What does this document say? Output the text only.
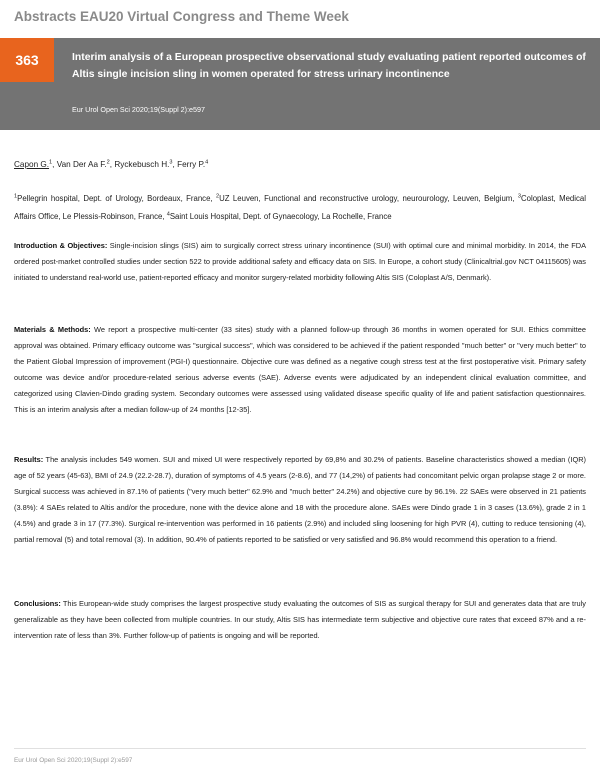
Abstracts EAU20 Virtual Congress and Theme Week
363	Interim analysis of a European prospective observational study evaluating patient reported outcomes of Altis single incision sling in women operated for stress urinary incontinence
Eur Urol Open Sci 2020;19(Suppl 2):e597
Capon G.$^1$, Van Der Aa F.$^2$, Ryckebusch H.$^3$, Ferry P.$^4$
$^1$Pellegrin hospital, Dept. of Urology, Bordeaux, France, $^2$UZ Leuven, Functional and reconstructive urology, neurourology, Leuven, Belgium, $^3$Coloplast, Medical Affairs Office, Le Plessis-Robinson, France, $^4$Saint Louis Hospital, Dept. of Gynaecology, La Rochelle, France
Introduction & Objectives: Single-incision slings (SIS) aim to surgically correct stress urinary incontinence (SUI) with optimal cure and minimal morbidity. In 2014, the FDA ordered post-market controlled studies under section 522 to provide additional safety and efficacy data on SIS. In Europe, a cohort study (Clinicaltrial.gov NCT 04115605) was initiated to understand real-world use, patient-reported efficacy and monitor surgery-related morbidity following Altis SIS (Coloplast A/S, Denmark).
Materials & Methods: We report a prospective multi-center (33 sites) study with a planned follow-up through 36 months in women operated for SUI. Ethics committee approval was obtained. Primary efficacy outcome was "surgical success", which was considered to be achieved if the patient responded "much better" or "very much better" to the Patient Global Impression of improvement (PGI-I) questionnaire. Objective cure was defined as a negative cough stress test at the first postoperative visit. Primary safety outcome was device and/or procedure-related serious adverse events (SAE). Adverse events were adjudicated by an independent clinical evaluation committee, and categorized using Clavien-Dindo grading system. Secondary outcomes were assessed using validated disease specific quality of life and patient satisfaction questionnaires. This is an interim analysis after a median follow-up of 24 months [12-35].
Results: The analysis includes 549 women. SUI and mixed UI were respectively reported by 69,8% and 30.2% of patients. Baseline characteristics showed a median (IQR) age of 52 years (45-63), BMI of 24.9 (22.2-28.7), duration of symptoms of 4.5 years (2-8.6), and 77 (14,2%) of patients had concomitant pelvic organ prolapse stage 2 or more. Surgical success was achieved in 87.1% of patients ("very much better" 62.9% and "much better" 24.2%) and objective cure by 96.1%. 22 SAEs were observed in 21 patients (3.8%): 4 SAEs related to Altis and/or the procedure, none with the device alone and 18 with the procedure alone. SAEs were Dindo grade 1 in 3 cases (13.6%), grade 2 in 1 (4.5%) and grade 3 in 17 (77.3%). Surgical re-intervention was performed in 16 patients (2.9%) and included sling loosening for high PVR (4), cutting to reduce tensioning (4), partial removal (5) and total removal (3). In addition, 90.4% of patients reported to be satisfied or very satisfied and 96.8% would recommend this operation to a friend.
Conclusions: This European-wide study comprises the largest prospective study evaluating the outcomes of SIS as surgical therapy for SUI and generates data that are truly generalizable as they have been collected from multiple countries. In our study, Altis SIS has intermediate term subjective and objective cure rates that exceed 87% and a re-intervention rate of less than 3%. Further follow-up of patients is ongoing and will be reported.
Eur Urol Open Sci 2020;19(Suppl 2):e597
